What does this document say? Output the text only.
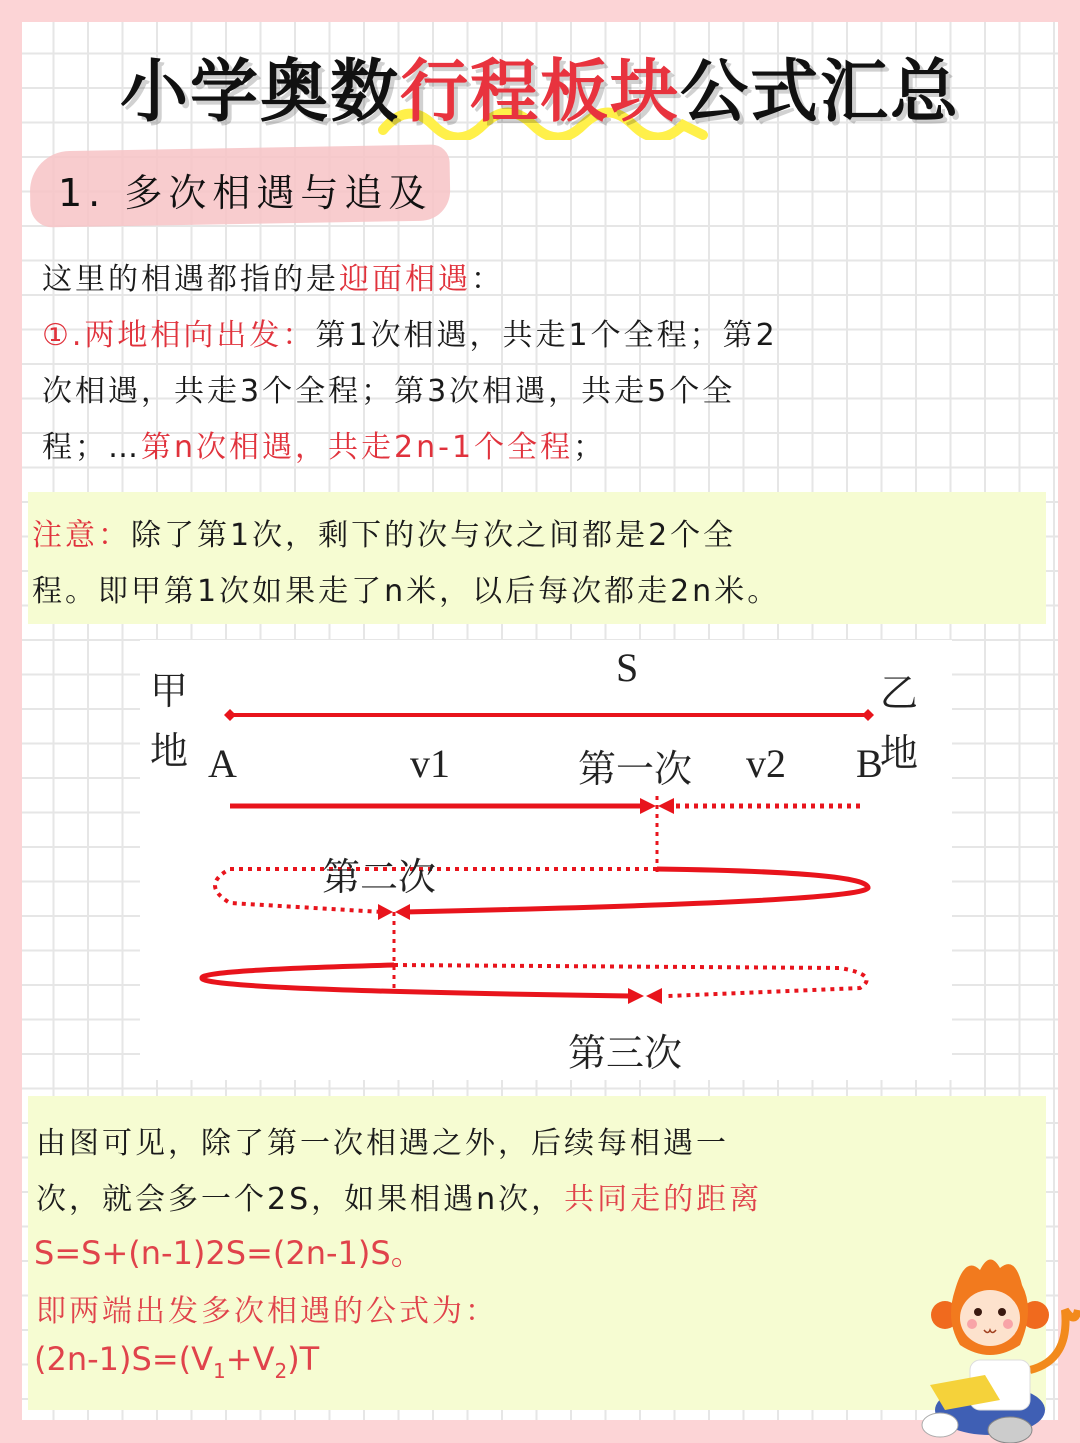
小学奥数行程板块公式汇总
1. 多次相遇与追及
这里的相遇都指的是迎面相遇：
①.两地相向出发：第1次相遇，共走1个全程；第2
次相遇，共走3个全程；第3次相遇，共走5个全
程；…第n次相遇，共走2n-1个全程；
注意：除了第1次，剩下的次与次之间都是2个全
程。即甲第1次如果走了n米，以后每次都走2n米。
甲
地
乙
地
S
A	B
v1	v2
第一次
第二次
第三次
由图可见，除了第一次相遇之外，后续每相遇一
次，就会多一个2S，如果相遇n次，共同走的距离
S=S+(n-1)2S=(2n-1)S。
即两端出发多次相遇的公式为：
$(2n-1)S=(V_1+V_2)T$
